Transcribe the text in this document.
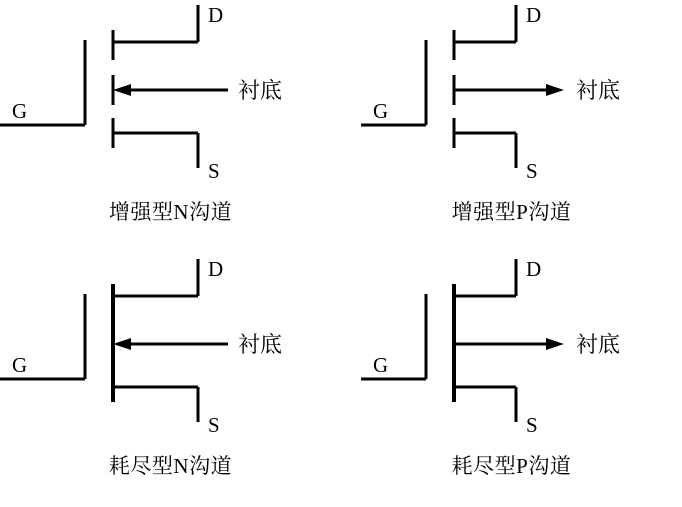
D
G
S
衬底
增强型N沟道
D
G
S
衬底
增强型P沟道
D
G
S
衬底
耗尽型N沟道
D
G
S
衬底
耗尽型P沟道
